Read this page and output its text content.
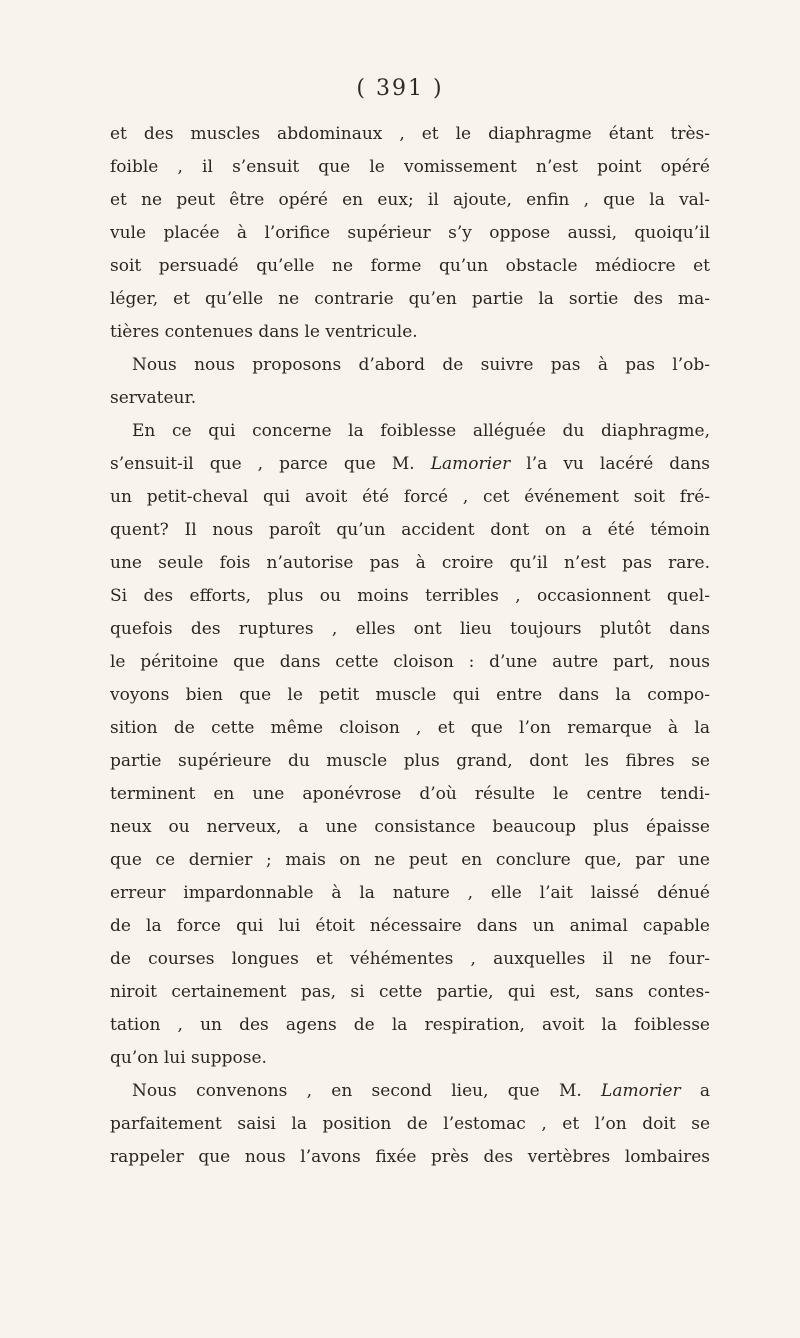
( 391 )
et des muscles abdominaux , et le diaphragme étant très-
foible , il s’ensuit que le vomissement n’est point opéré
et ne peut être opéré en eux; il ajoute, enfin , que la val-
vule placée à l’orifice supérieur s’y oppose aussi, quoiqu’il
soit persuadé qu’elle ne forme qu’un obstacle médiocre et
léger, et qu’elle ne contrarie qu’en partie la sortie des ma-
tières contenues dans le ventricule.
Nous nous proposons d’abord de suivre pas à pas l’ob-
servateur.
En ce qui concerne la foiblesse alléguée du diaphragme,
s’ensuit-il que , parce que M. Lamorier l’a vu lacéré dans
un petit-cheval qui avoit été forcé , cet événement soit fré-
quent? Il nous paroît qu’un accident dont on a été témoin
une seule fois n’autorise pas à croire qu’il n’est pas rare.
Si des efforts, plus ou moins terribles , occasionnent quel-
quefois des ruptures , elles ont lieu toujours plutôt dans
le péritoine que dans cette cloison : d’une autre part, nous
voyons bien que le petit muscle qui entre dans la compo-
sition de cette même cloison , et que l’on remarque à la
partie supérieure du muscle plus grand, dont les fibres se
terminent en une aponévrose d’où résulte le centre tendi-
neux ou nerveux, a une consistance beaucoup plus épaisse
que ce dernier ; mais on ne peut en conclure que, par une
erreur impardonnable à la nature , elle l’ait laissé dénué
de la force qui lui étoit nécessaire dans un animal capable
de courses longues et véhémentes , auxquelles il ne four-
niroit certainement pas, si cette partie, qui est, sans contes-
tation , un des agens de la respiration, avoit la foiblesse
qu’on lui suppose.
Nous convenons , en second lieu, que M. Lamorier a
parfaitement saisi la position de l’estomac , et l’on doit se
rappeler que nous l’avons fixée près des vertèbres lombaires
